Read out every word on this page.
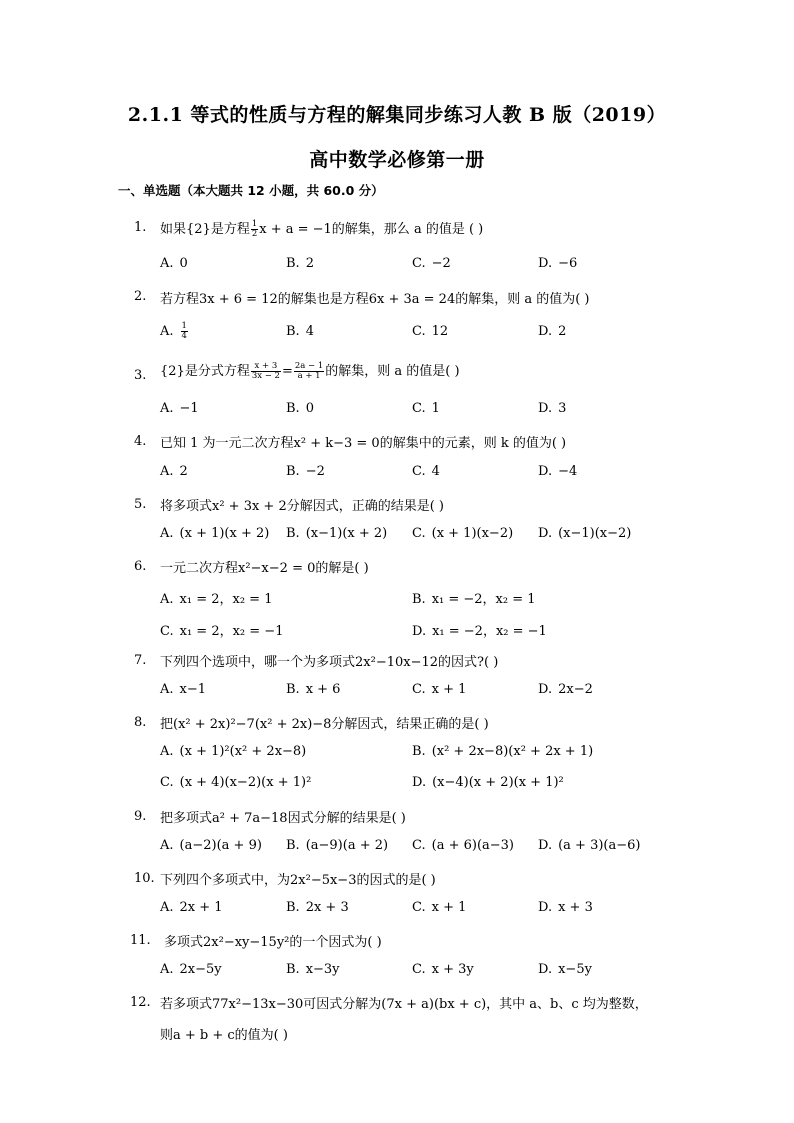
2.1.1 等式的性质与方程的解集同步练习人教 B 版（2019）
高中数学必修第一册
一、单选题（本大题共 12 小题，共 60.0 分）
1. 如果{2}是方程 $\frac{1}{2}$ x + a = −1的解集，那么 a 的值是 ( )
A. 0	B. 2	C. −2	D. −6
2. 若方程3x + 6 = 12的解集也是方程6x + 3a = 24的解集，则 a 的值为( )
A. $\frac{1}{4}$	B. 4	C. 12	D. 2
3. {2}是分式方程 $\frac{x + 3}{3x - 2} = \frac{2a - 1}{a + 1}$ 的解集，则 a 的值是( )
A. −1	B. 0	C. 1	D. 3
4. 已知 1 为一元二次方程x² + k−3 = 0的解集中的元素，则 k 的值为( )
A. 2	B. −2	C. 4	D. −4
5. 将多项式x² + 3x + 2分解因式，正确的结果是( )
A. (x + 1)(x + 2) B. (x−1)(x + 2) C. (x + 1)(x−2) D. (x−1)(x−2)
6. 一元二次方程x²−x−2 = 0的解是( )
A. x₁ = 2，x₂ = 1	B. x₁ = −2，x₂ = 1
C. x₁ = 2，x₂ = −1	D. x₁ = −2，x₂ = −1
7. 下列四个选项中，哪一个为多项式2x²−10x−12的因式?( )
A. x−1	B. x + 6	C. x + 1	D. 2x−2
8. 把(x² + 2x)²−7(x² + 2x)−8分解因式，结果正确的是( )
A. (x + 1)²(x² + 2x−8)	B. (x² + 2x−8)(x² + 2x + 1)
C. (x + 4)(x−2)(x + 1)²	D. (x−4)(x + 2)(x + 1)²
9. 把多项式a² + 7a−18因式分解的结果是( )
A. (a−2)(a + 9) B. (a−9)(a + 2) C. (a + 6)(a−3) D. (a + 3)(a−6)
10. 下列四个多项式中，为2x²−5x−3的因式的是( )
A. 2x + 1	B. 2x + 3	C. x + 1	D. x + 3
11. 多项式2x²−xy−15y²的一个因式为( )
A. 2x−5y	B. x−3y	C. x + 3y	D. x−5y
12. 若多项式77x²−13x−30可因式分解为(7x + a)(bx + c)，其中 a、b、c 均为整数，
则a + b + c的值为( )
